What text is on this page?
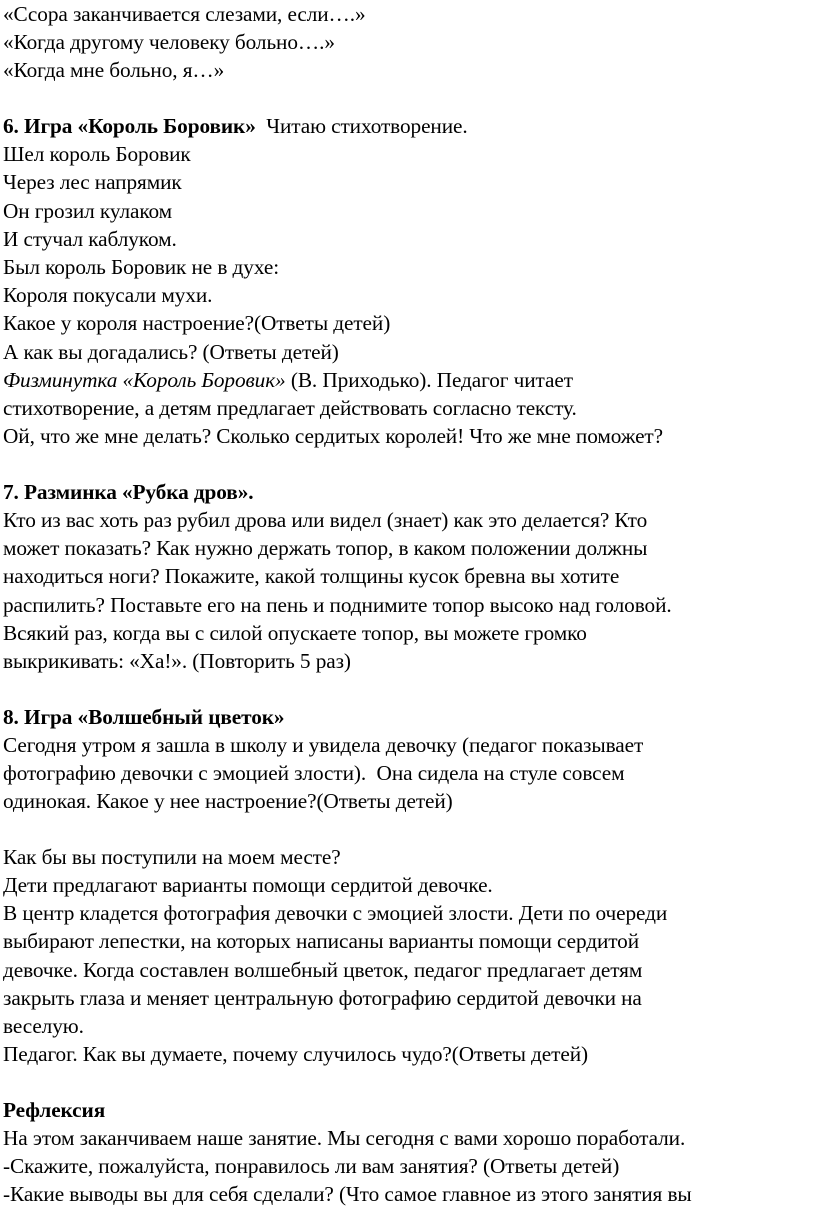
«Ссора заканчивается слезами, если….»
«Когда другому человеку больно….»
«Когда мне больно, я…»
6. Игра «Король Боровик»  Читаю стихотворение.
Шел король Боровик
Через лес напрямик
Он грозил кулаком
И стучал каблуком.
Был король Боровик не в духе:
Короля покусали мухи.
Какое у короля настроение?(Ответы детей)
А как вы догадались? (Ответы детей)
Физминутка «Король Боровик» (В. Приходько). Педагог читает
стихотворение, а детям предлагает действовать согласно тексту.
Ой, что же мне делать? Сколько сердитых королей! Что же мне поможет?
7. Разминка «Рубка дров».
Кто из вас хоть раз рубил дрова или видел (знает) как это делается? Кто
может показать? Как нужно держать топор, в каком положении должны
находиться ноги? Покажите, какой толщины кусок бревна вы хотите
распилить? Поставьте его на пень и поднимите топор высоко над головой.
Всякий раз, когда вы с силой опускаете топор, вы можете громко
выкрикивать: «Ха!». (Повторить 5 раз)
8. Игра «Волшебный цветок»
Сегодня утром я зашла в школу и увидела девочку (педагог показывает
фотографию девочки с эмоцией злости).  Она сидела на стуле совсем
одинокая. Какое у нее настроение?(Ответы детей)
Как бы вы поступили на моем месте?
Дети предлагают варианты помощи сердитой девочке.
В центр кладется фотография девочки с эмоцией злости. Дети по очереди
выбирают лепестки, на которых написаны варианты помощи сердитой
девочке. Когда составлен волшебный цветок, педагог предлагает детям
закрыть глаза и меняет центральную фотографию сердитой девочки на
веселую.
Педагог. Как вы думаете, почему случилось чудо?(Ответы детей)
Рефлексия
На этом заканчиваем наше занятие. Мы сегодня с вами хорошо поработали.
-Скажите, пожалуйста, понравилось ли вам занятия? (Ответы детей)
-Какие выводы вы для себя сделали? (Что самое главное из этого занятия вы
